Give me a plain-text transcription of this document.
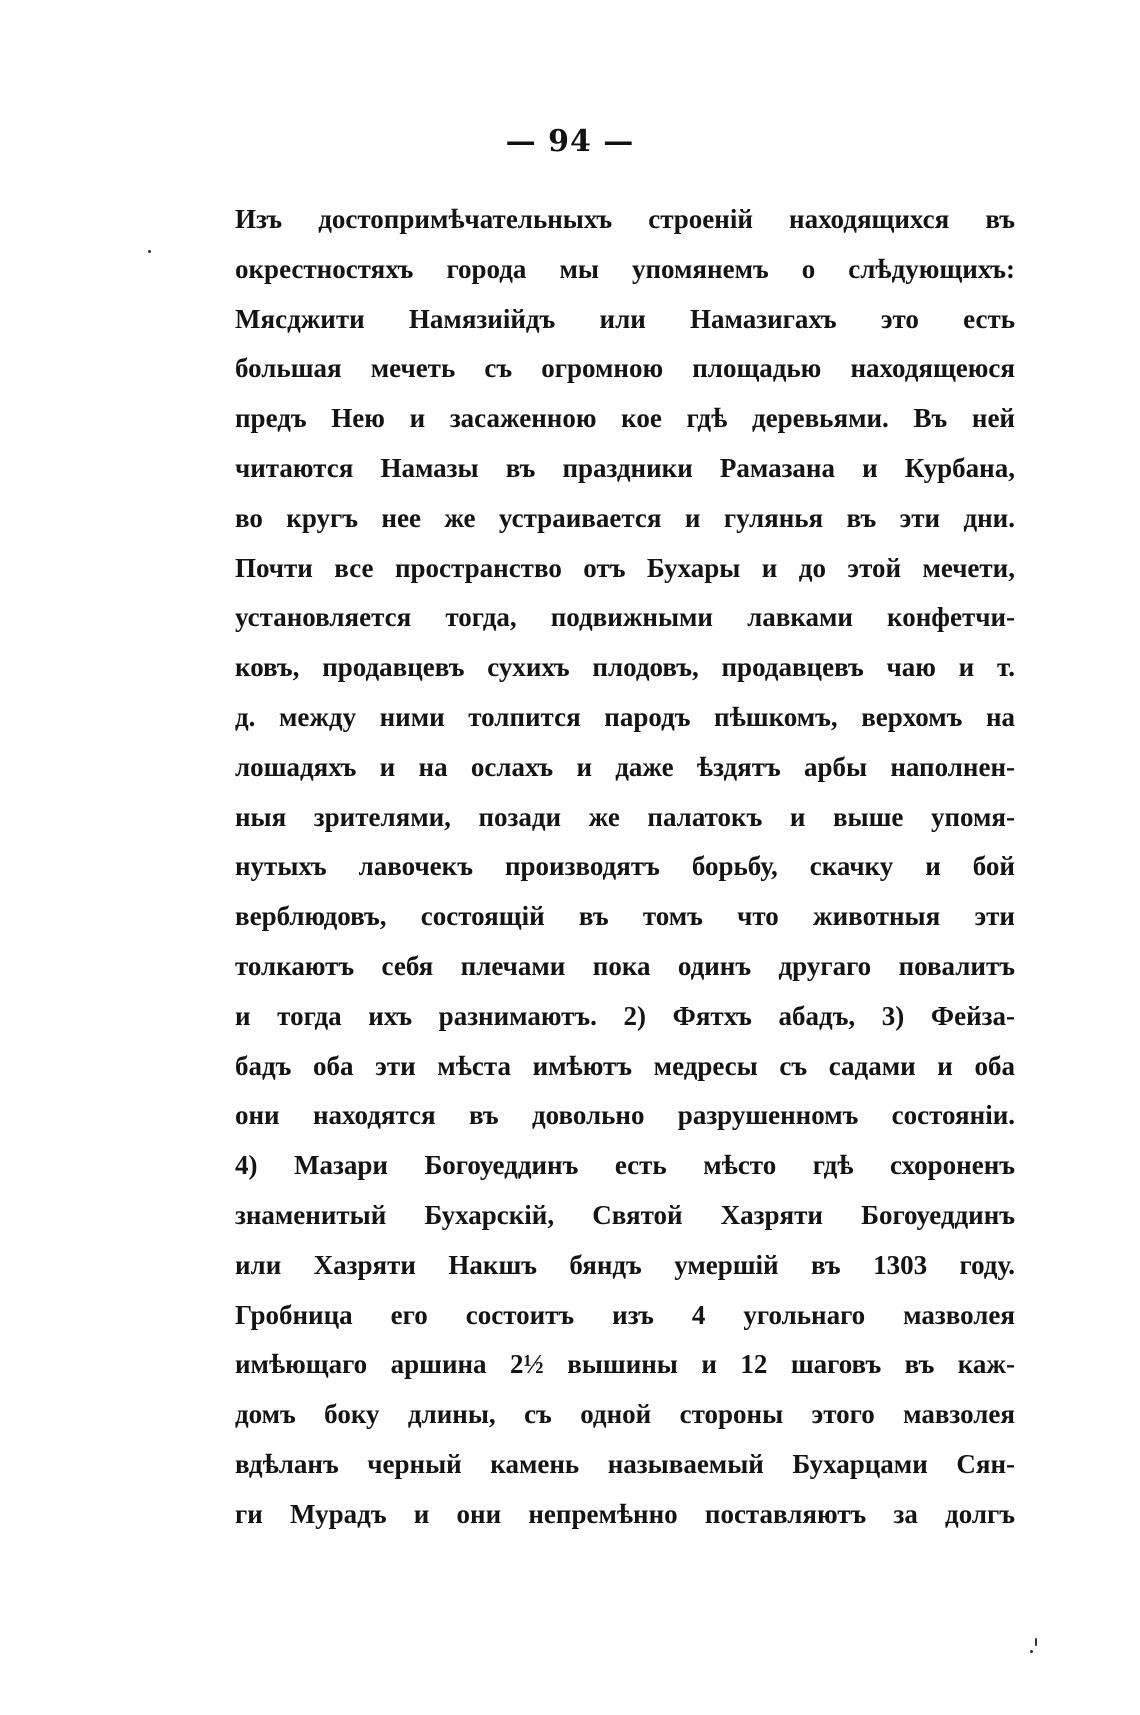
— 94 —
Изъ достопримѣчательныхъ строеній находящихся въ
окрестностяхъ города мы упомянемъ о слѣдующихъ:
Мясджити Намязиійдъ или Намазигахъ это есть
большая мечеть съ огромною площадью находящеюся
предъ Нею и засаженною кое гдѣ деревьями. Въ ней
читаются Намазы въ праздники Рамазана и Курбана,
во кругъ нее же устраивается и гулянья въ эти дни.
Почти все пространство отъ Бухары и до этой мечети,
установляется тогда, подвижными лавками конфетчи-
ковъ, продавцевъ сухихъ плодовъ, продавцевъ чаю и т.
д. между ними толпится пародъ пѣшкомъ, верхомъ на
лошадяхъ и на ослахъ и даже ѣздятъ арбы наполнен-
ныя зрителями, позади же палатокъ и выше упомя-
нутыхъ лавочекъ производятъ борьбу, скачку и бой
верблюдовъ, состоящій въ томъ что животныя эти
толкаютъ себя плечами пока одинъ другаго повалитъ
и тогда ихъ разнимаютъ. 2) Фятхъ абадъ, 3) Фейза-
бадъ оба эти мѣста имѣютъ медресы съ садами и оба
они находятся въ довольно разрушенномъ состояніи.
4) Мазари Богоуеддинъ есть мѣсто гдѣ схороненъ
знаменитый Бухарскій, Святой Хазряти Богоуеддинъ
или Хазряти Накшъ бяндъ умершій въ 1303 году.
Гробница его состоитъ изъ 4 угольнаго мазволея
имѣющаго аршина 2½ вышины и 12 шаговъ въ каж-
домъ боку длины, съ одной стороны этого мавзолея
вдѣланъ черный камень называемый Бухарцами Сян-
ги Мурадъ и они непремѣнно поставляютъ за долгъ
